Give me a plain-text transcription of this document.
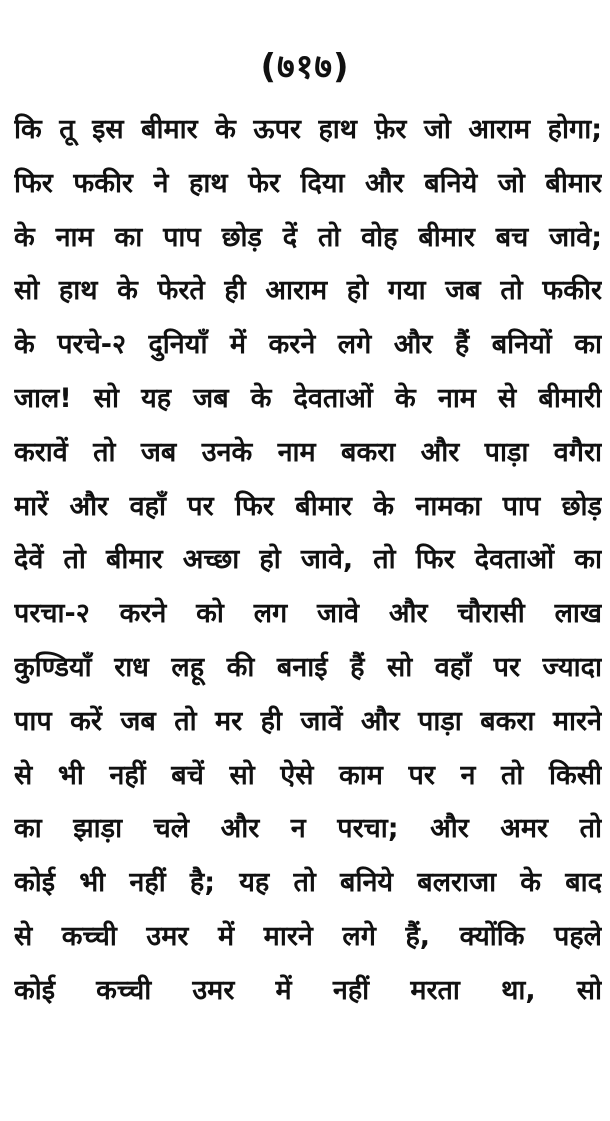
(७१७)
कि तू इस बीमार के ऊपर हाथ फ़ेर जो आराम होगा;
फिर फकीर ने हाथ फेर दिया और बनिये जो बीमार
के नाम का पाप छोड़ दें तो वोह बीमार बच जावे;
सो हाथ के फेरते ही आराम हो गया जब तो फकीर
के परचे-२ दुनियाँ में करने लगे और हैं बनियों का
जाल! सो यह जब के देवताओं के नाम से बीमारी
करावें तो जब उनके नाम बकरा और पाड़ा वगैरा
मारें और वहाँ पर फिर बीमार के नामका पाप छोड़
देवें तो बीमार अच्छा हो जावे, तो फिर देवताओं का
परचा-२ करने को लग जावे और चौरासी लाख
कुण्डियाँ राध लहू की बनाई हैं सो वहाँ पर ज्यादा
पाप करें जब तो मर ही जावें और पाड़ा बकरा मारने
से भी नहीं बचें सो ऐसे काम पर न तो किसी
का झाड़ा चले और न परचा; और अमर तो
कोई भी नहीं है; यह तो बनिये बलराजा के बाद
से कच्ची उमर में मारने लगे हैं, क्योंकि पहले
कोई कच्ची उमर में नहीं मरता था, सो
